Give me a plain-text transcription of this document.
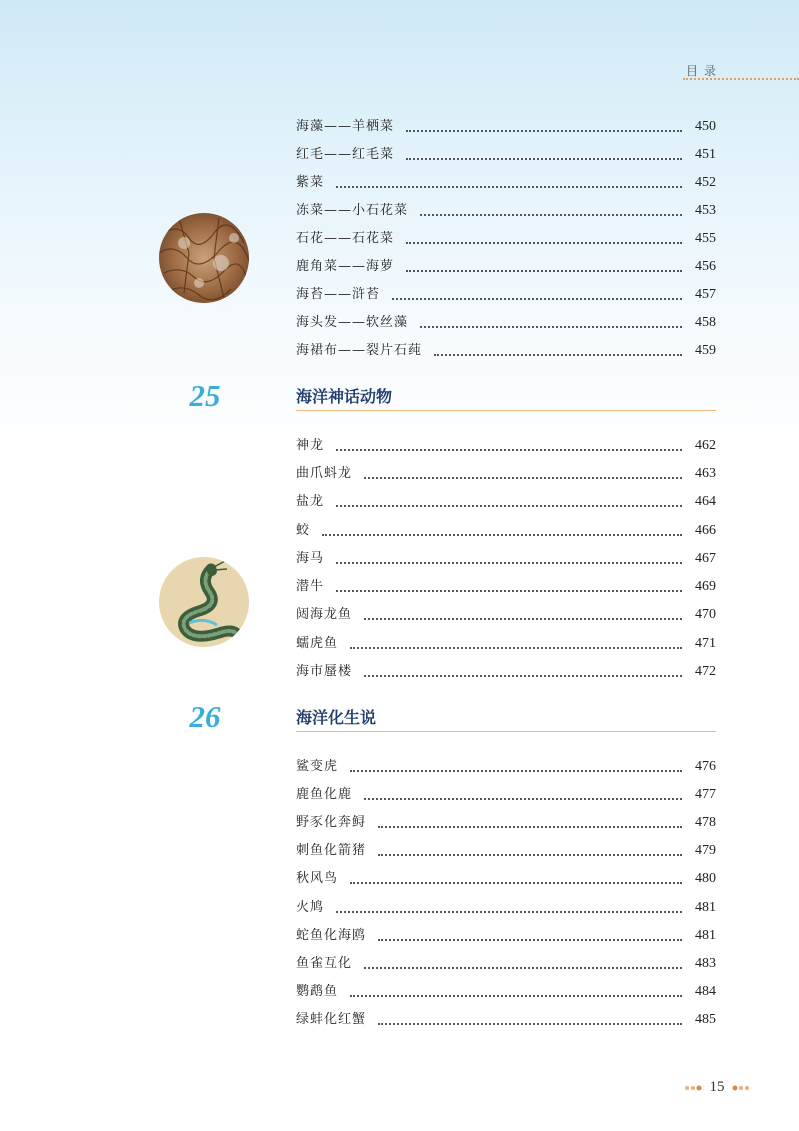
目录
海藻——羊栖菜	450
红毛——红毛菜	451
紫菜	452
冻菜——小石花菜	453
石花——石花菜	455
鹿角菜——海萝	456
海苔——浒苔	457
海头发——软丝藻	458
海裙布——裂片石莼	459
25	海洋神话动物
神龙	462
曲爪蚪龙	463
盐龙	464
蛟	466
海马	467
潜牛	469
闼海龙鱼	470
蠕虎鱼	471
海市蜃楼	472
26	海洋化生说
鲨变虎	476
鹿鱼化鹿	477
野豕化奔鲟	478
刺鱼化箭猪	479
秋风鸟	480
火鸠	481
蛇鱼化海鸥	481
鱼雀互化	483
鹦鹉鱼	484
绿蚌化红蟹	485
15
